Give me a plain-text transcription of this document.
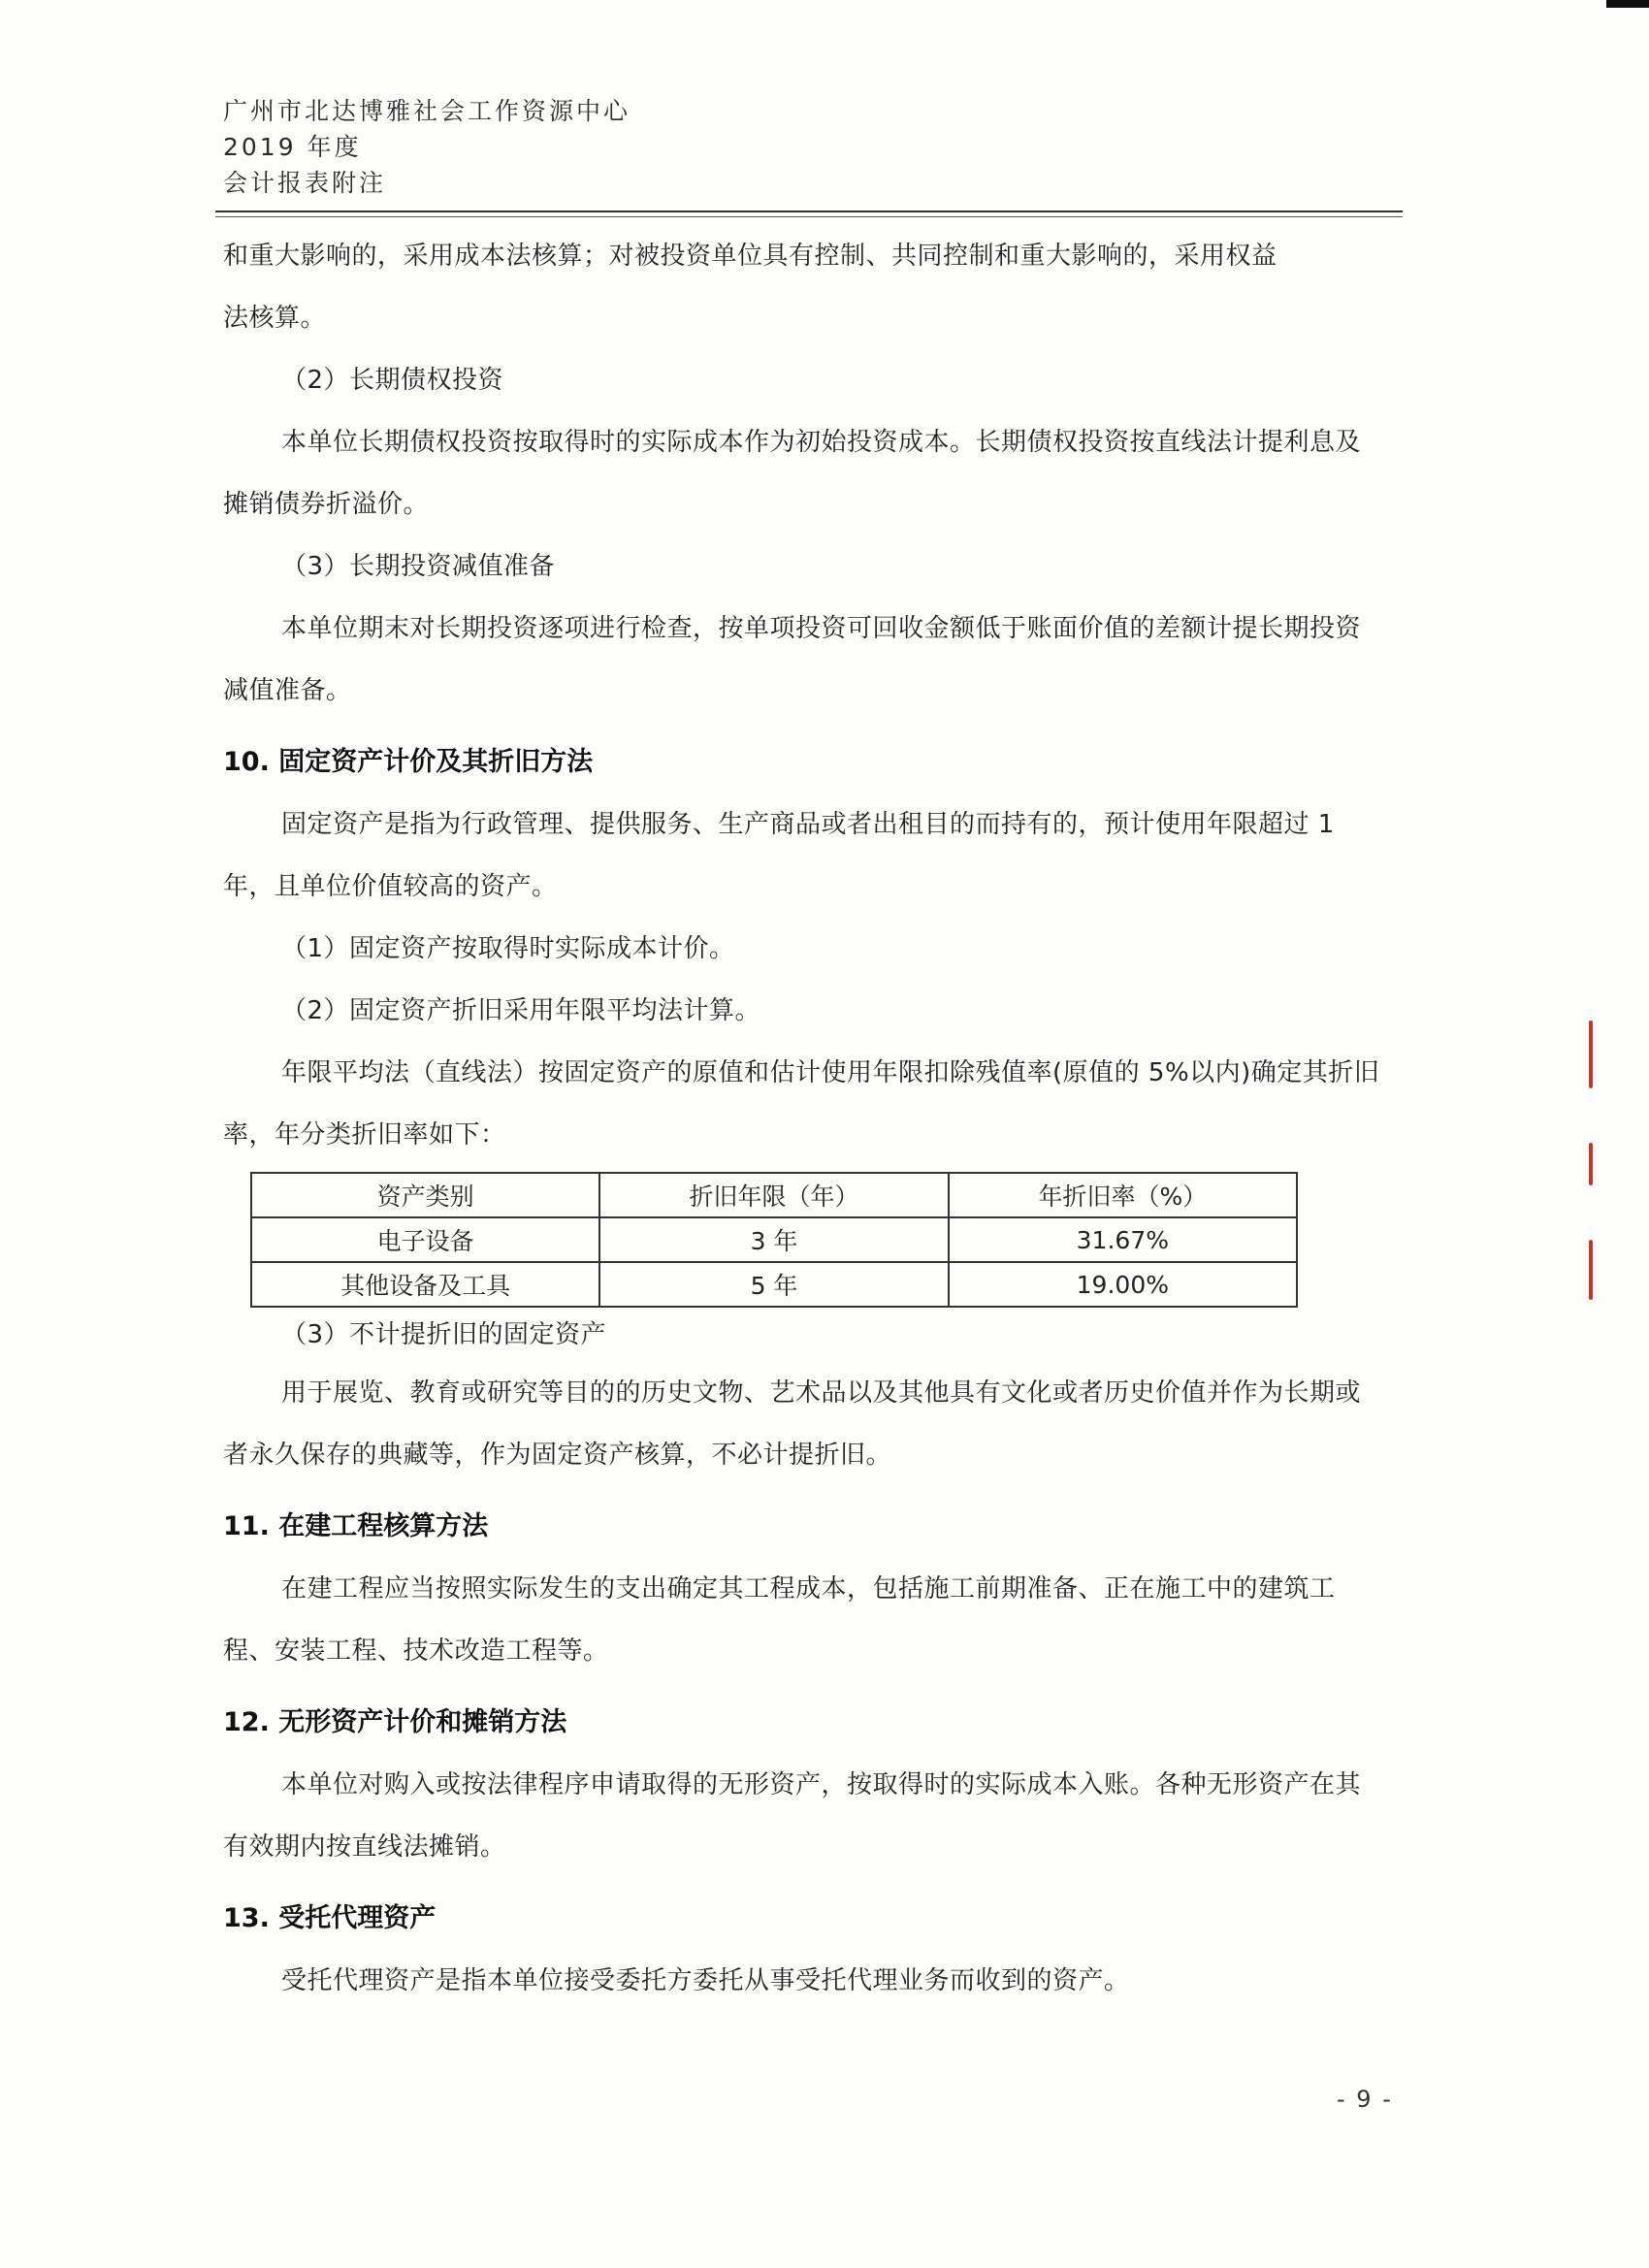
广州市北达博雅社会工作资源中心
2019 年度
会计报表附注

和重大影响的，采用成本法核算；对被投资单位具有控制、共同控制和重大影响的，采用权益

法核算。

（2）长期债权投资

本单位长期债权投资按取得时的实际成本作为初始投资成本。长期债权投资按直线法计提利息及摊销债券折溢价。

（3）长期投资减值准备

本单位期末对长期投资逐项进行检查，按单项投资可回收金额低于账面价值的差额计提长期投资减值准备。

10. 固定资产计价及其折旧方法

固定资产是指为行政管理、提供服务、生产商品或者出租目的而持有的，预计使用年限超过 1 年，且单位价值较高的资产。

（1）固定资产按取得时实际成本计价。

（2）固定资产折旧采用年限平均法计算。

年限平均法（直线法）按固定资产的原值和估计使用年限扣除残值率(原值的 5%以内)确定其折旧率，年分类折旧率如下：

资产类别	折旧年限（年）	年折旧率（%）
电子设备	3 年	31.67%
其他设备及工具	5 年	19.00%

（3）不计提折旧的固定资产

用于展览、教育或研究等目的的历史文物、艺术品以及其他具有文化或者历史价值并作为长期或者永久保存的典藏等，作为固定资产核算，不必计提折旧。

11. 在建工程核算方法

在建工程应当按照实际发生的支出确定其工程成本，包括施工前期准备、正在施工中的建筑工程、安装工程、技术改造工程等。

12. 无形资产计价和摊销方法

本单位对购入或按法律程序申请取得的无形资产，按取得时的实际成本入账。各种无形资产在其有效期内按直线法摊销。

13. 受托代理资产

受托代理资产是指本单位接受委托方委托从事受托代理业务而收到的资产。

- 9 -
